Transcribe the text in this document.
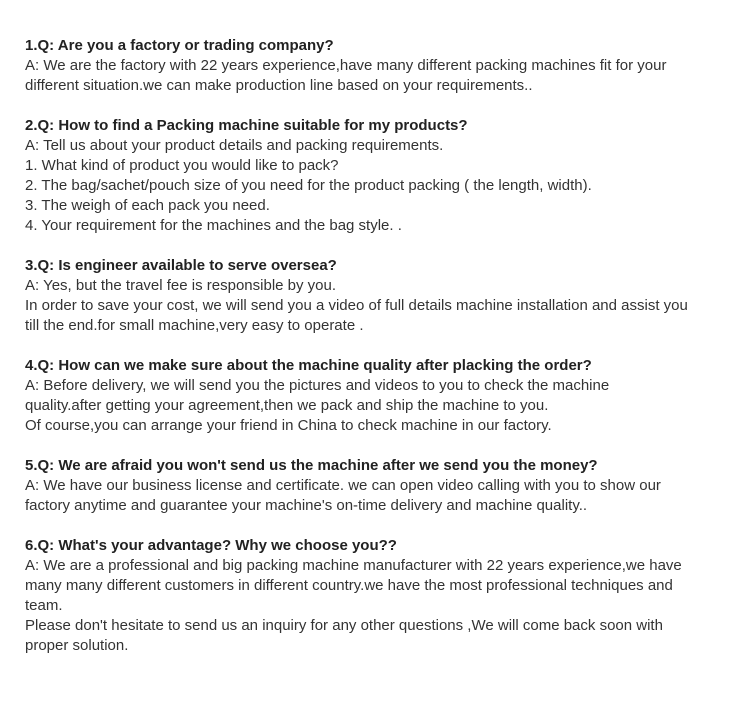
1.Q: Are you a factory or trading company?

A: We are the factory with 22 years experience,have many different packing machines fit for your

different situation.we can make production line based on your requirements..

2.Q: How to find a Packing machine suitable for my products?

A: Tell us about your product details and packing requirements.

1. What kind of product you would like to pack?

2. The bag/sachet/pouch size of you need for the product packing ( the length, width).

3. The weigh of each pack you need.

4. Your requirement for the machines and the bag style. .

3.Q: Is engineer available to serve oversea?

A: Yes, but the travel fee is responsible by you.

In order to save your cost, we will send you a video of full details machine installation and assist you

till the end.for small machine,very easy to operate .

4.Q: How can we make sure about the machine quality after placking the order?

A: Before delivery, we will send you the pictures and videos to you to check the machine

quality.after getting your agreement,then we pack and ship the machine to you.

Of course,you can arrange your friend in China to check machine in our factory.

5.Q: We are afraid you won't send us the machine after we send you the money?

A: We have our business license and certificate. we can open video calling with you to show our

factory anytime and guarantee your machine's on-time delivery and machine quality..

6.Q: What's your advantage? Why we choose you??

A: We are a professional and big packing machine manufacturer with 22 years experience,we have

many many different customers in different country.we have the most professional techniques and

team.

Please don't hesitate to send us an inquiry for any other questions ,We will come back soon with

proper solution.
